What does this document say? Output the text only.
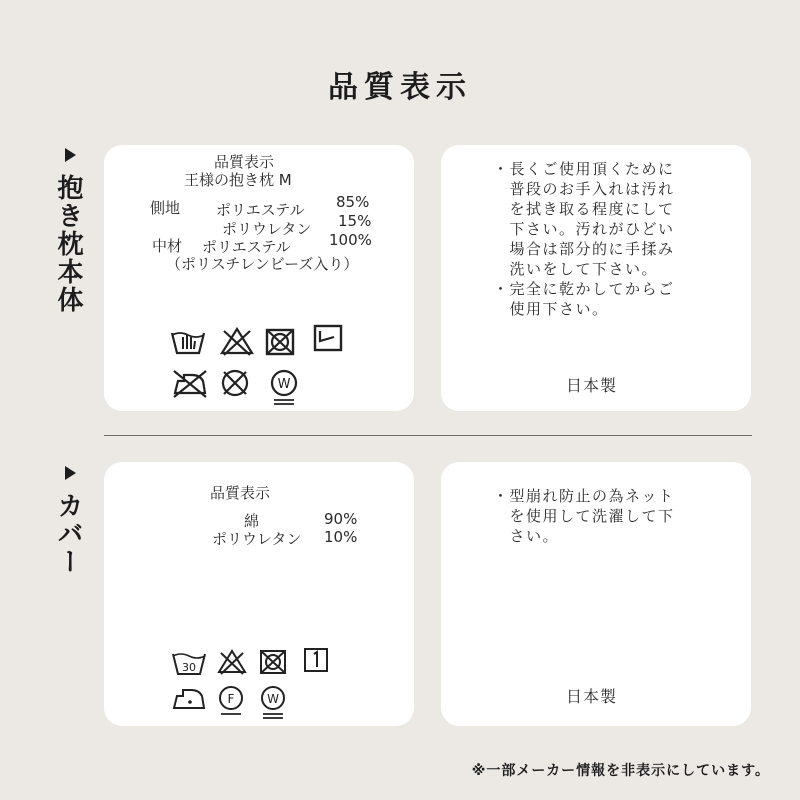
品質表示
抱き枕本体
品質表示
王様の抱き枕 M
側地 ポリエステル 85%
ポリウレタン 15%
中材 ポリエステル	100%
（ポリスチレンビーズ入り）
W
・長くご使用頂くために
　普段のお手入れは汚れ
　を拭き取る程度にして
　下さい。汚れがひどい
　場合は部分的に手揉み
　洗いをして下さい。
・完全に乾かしてからご
　使用下さい。
日本製
カバー	品質表示
綿	90%
ポリウレタン 10%
30
F	W
・型崩れ防止の為ネット
　を使用して洗濯して下
　さい。
日本製
※一部メーカー情報を非表示にしています。
